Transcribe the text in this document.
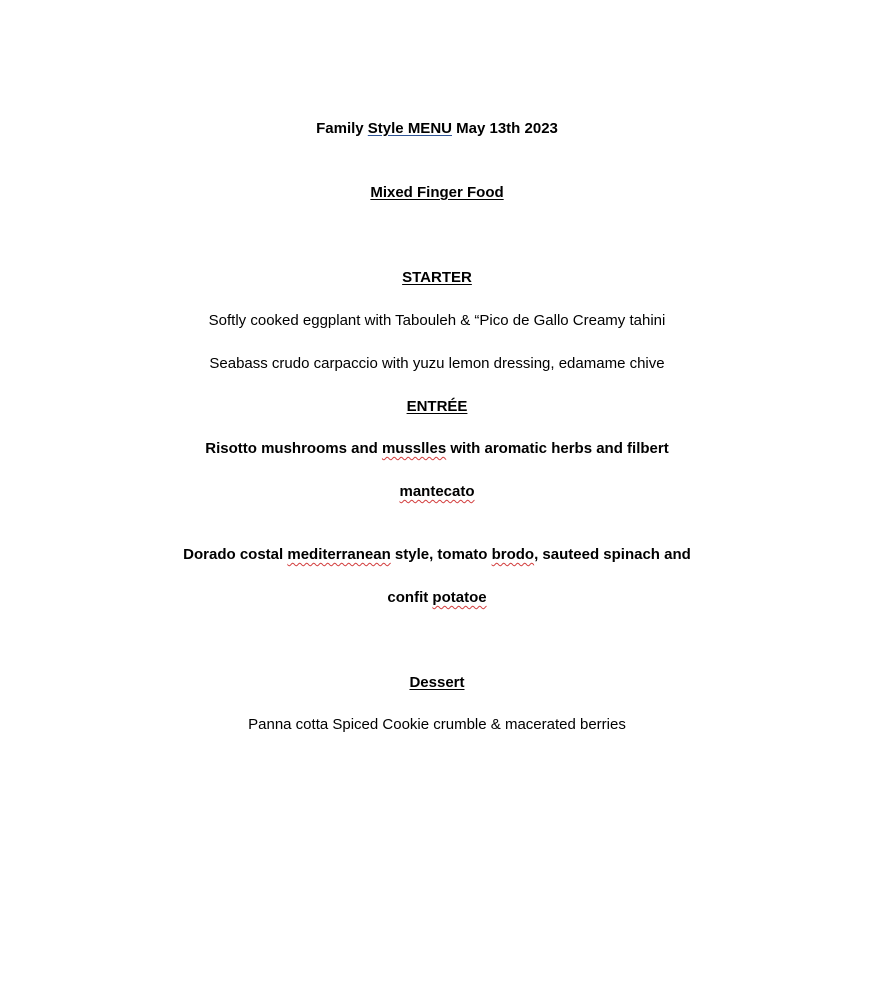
Family Style MENU May 13th 2023
Mixed Finger Food
STARTER
Softly cooked eggplant with Tabouleh & “Pico de Gallo Creamy tahini
Seabass crudo carpaccio with yuzu lemon dressing, edamame chive
ENTRÉE
Risotto mushrooms and musslles with aromatic herbs and filbert
mantecato
Dorado costal mediterranean style, tomato brodo, sauteed spinach and
confit potatoe
Dessert
Panna cotta Spiced Cookie crumble & macerated berries
